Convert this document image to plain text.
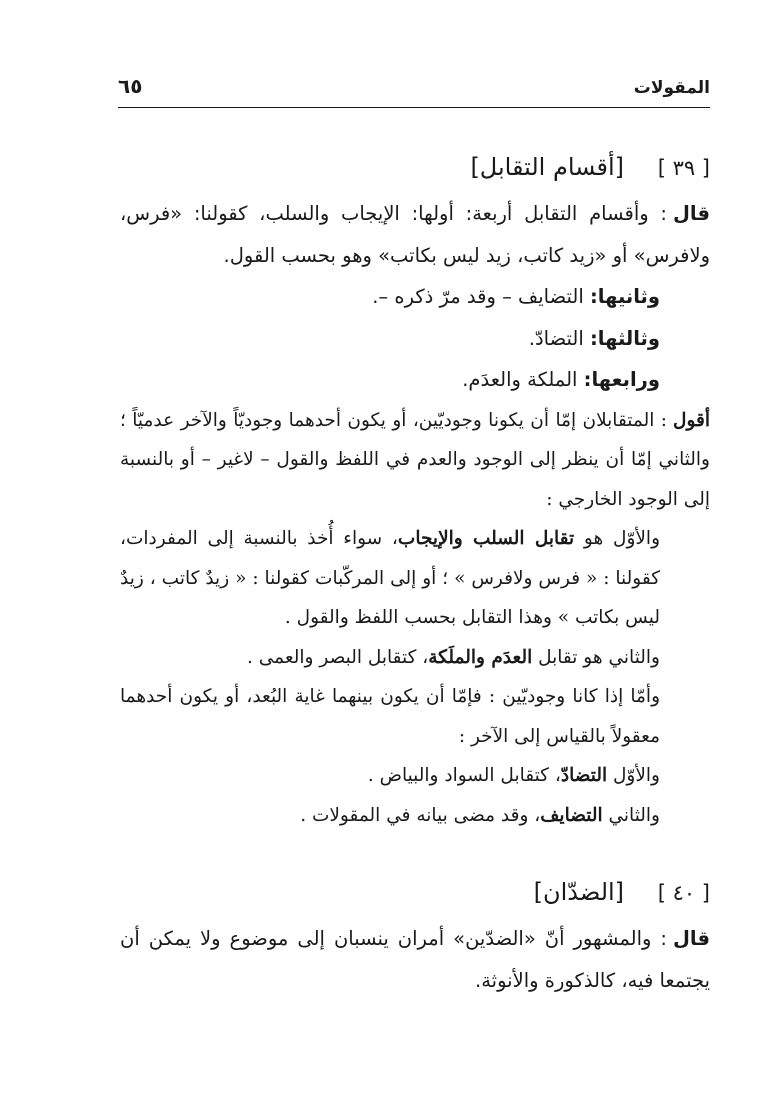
المقولات
٦٥
[ ٣٩ ] [أقسام التقابل]

قال: وأقسام التقابل أربعة: أولها: الإيجاب والسلب، كقولنا: «فرس، ولافرس» أو «زيد كاتب، زيد ليس بكاتب» وهو بحسب القول.

وثانيها: التضايف – وقد مرّ ذكره –.

وثالثها: التضادّ.

ورابعها: الملكة والعدَم.

أقول: المتقابلان إمّا أن يكونا وجوديّين، أو يكون أحدهما وجوديّاً والآخر عدميّاً ؛ والثاني إمّا أن ينظر إلى الوجود والعدم في اللفظ والقول – لاغير – أو بالنسبة إلى الوجود الخارجي :

والأوّل هو تقابل السلب والإيجاب، سواء أُخذ بالنسبة إلى المفردات، كقولنا : « فرس ولافرس » ؛ أو إلى المركّبات كقولنا : « زيدٌ كاتب ، زيدٌ ليس بكاتب » وهذا التقابل بحسب اللفظ والقول .

والثاني هو تقابل العدَم والملَكة، كتقابل البصر والعمى .

وأمّا إذا كانا وجوديّين : فإمّا أن يكون بينهما غاية البُعد، أو يكون أحدهما معقولاً بالقياس إلى الآخر :

والأوّل التضادّ، كتقابل السواد والبياض .

والثاني التضايف، وقد مضى بيانه في المقولات .

[ ٤٠ ] [الضدّان]

قال: والمشهور أنّ «الضدّين» أمران ينسبان إلى موضوع ولا يمكن أن يجتمعا فيه، كالذكورة والأنوثة.
